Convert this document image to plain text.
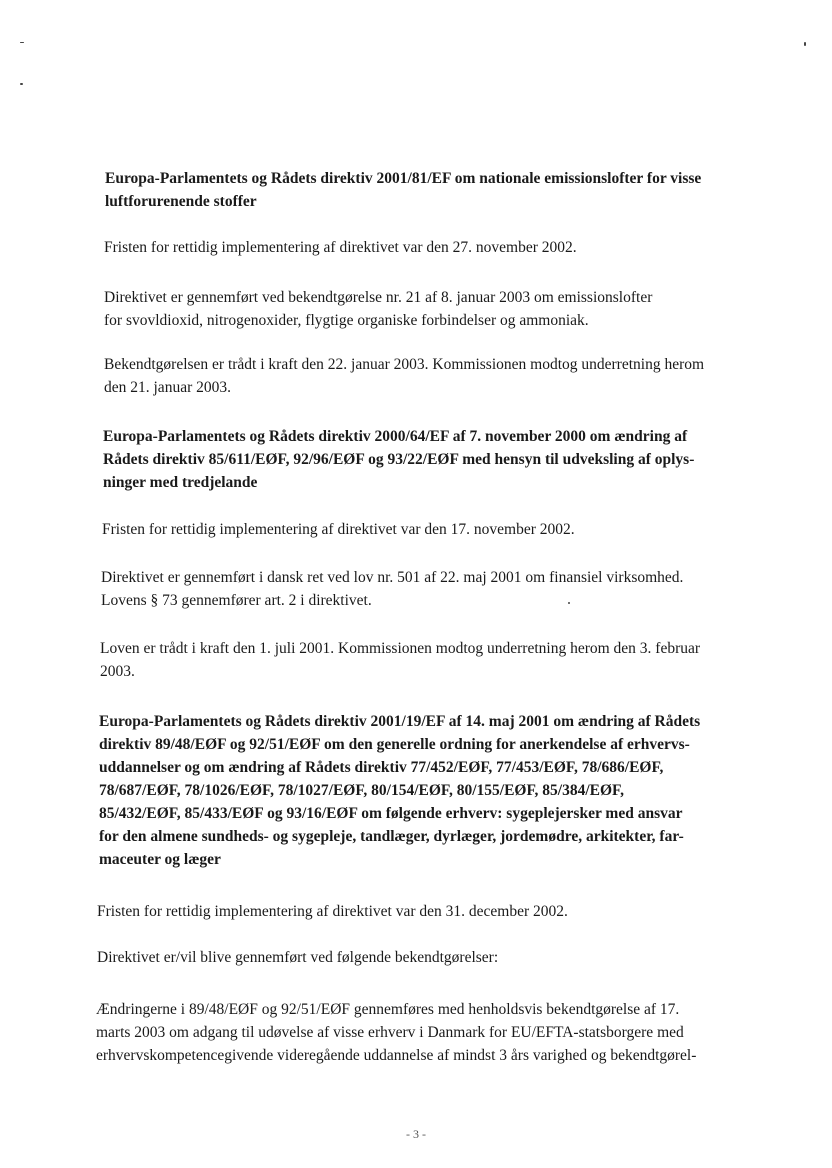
Europa-Parlamentets og Rådets direktiv 2001/81/EF om nationale emissionslofter for visse
luftforurenende stoffer
Fristen for rettidig implementering af direktivet var den 27. november 2002.
Direktivet er gennemført ved bekendtgørelse nr. 21 af 8. januar 2003 om emissionslofter
for svovldioxid, nitrogenoxider, flygtige organiske forbindelser og ammoniak.
Bekendtgørelsen er trådt i kraft den 22. januar 2003. Kommissionen modtog underretning herom
den 21. januar 2003.
Europa-Parlamentets og Rådets direktiv 2000/64/EF af 7. november 2000 om ændring af
Rådets direktiv 85/611/EØF, 92/96/EØF og 93/22/EØF med hensyn til udveksling af oplys-
ninger med tredjelande
Fristen for rettidig implementering af direktivet var den 17. november 2002.
Direktivet er gennemført i dansk ret ved lov nr. 501 af 22. maj 2001 om finansiel virksomhed.
Lovens § 73 gennemfører art. 2 i direktivet.
Loven er trådt i kraft den 1. juli 2001. Kommissionen modtog underretning herom den 3. februar
2003.
Europa-Parlamentets og Rådets direktiv 2001/19/EF af 14. maj 2001 om ændring af Rådets
direktiv 89/48/EØF og 92/51/EØF om den generelle ordning for anerkendelse af erhvervs-
uddannelser og om ændring af Rådets direktiv 77/452/EØF, 77/453/EØF, 78/686/EØF,
78/687/EØF, 78/1026/EØF, 78/1027/EØF, 80/154/EØF, 80/155/EØF, 85/384/EØF,
85/432/EØF, 85/433/EØF og 93/16/EØF om følgende erhverv: sygeplejersker med ansvar
for den almene sundheds- og sygepleje, tandlæger, dyrlæger, jordemødre, arkitekter, far-
maceuter og læger
Fristen for rettidig implementering af direktivet var den 31. december 2002.
Direktivet er/vil blive gennemført ved følgende bekendtgørelser:
Ændringerne i 89/48/EØF og 92/51/EØF gennemføres med henholdsvis bekendtgørelse af 17.
marts 2003 om adgang til udøvelse af visse erhverv i Danmark for EU/EFTA-statsborgere med
erhvervskompetencegivende videregående uddannelse af mindst 3 års varighed og bekendtgørel-
- 3 -
